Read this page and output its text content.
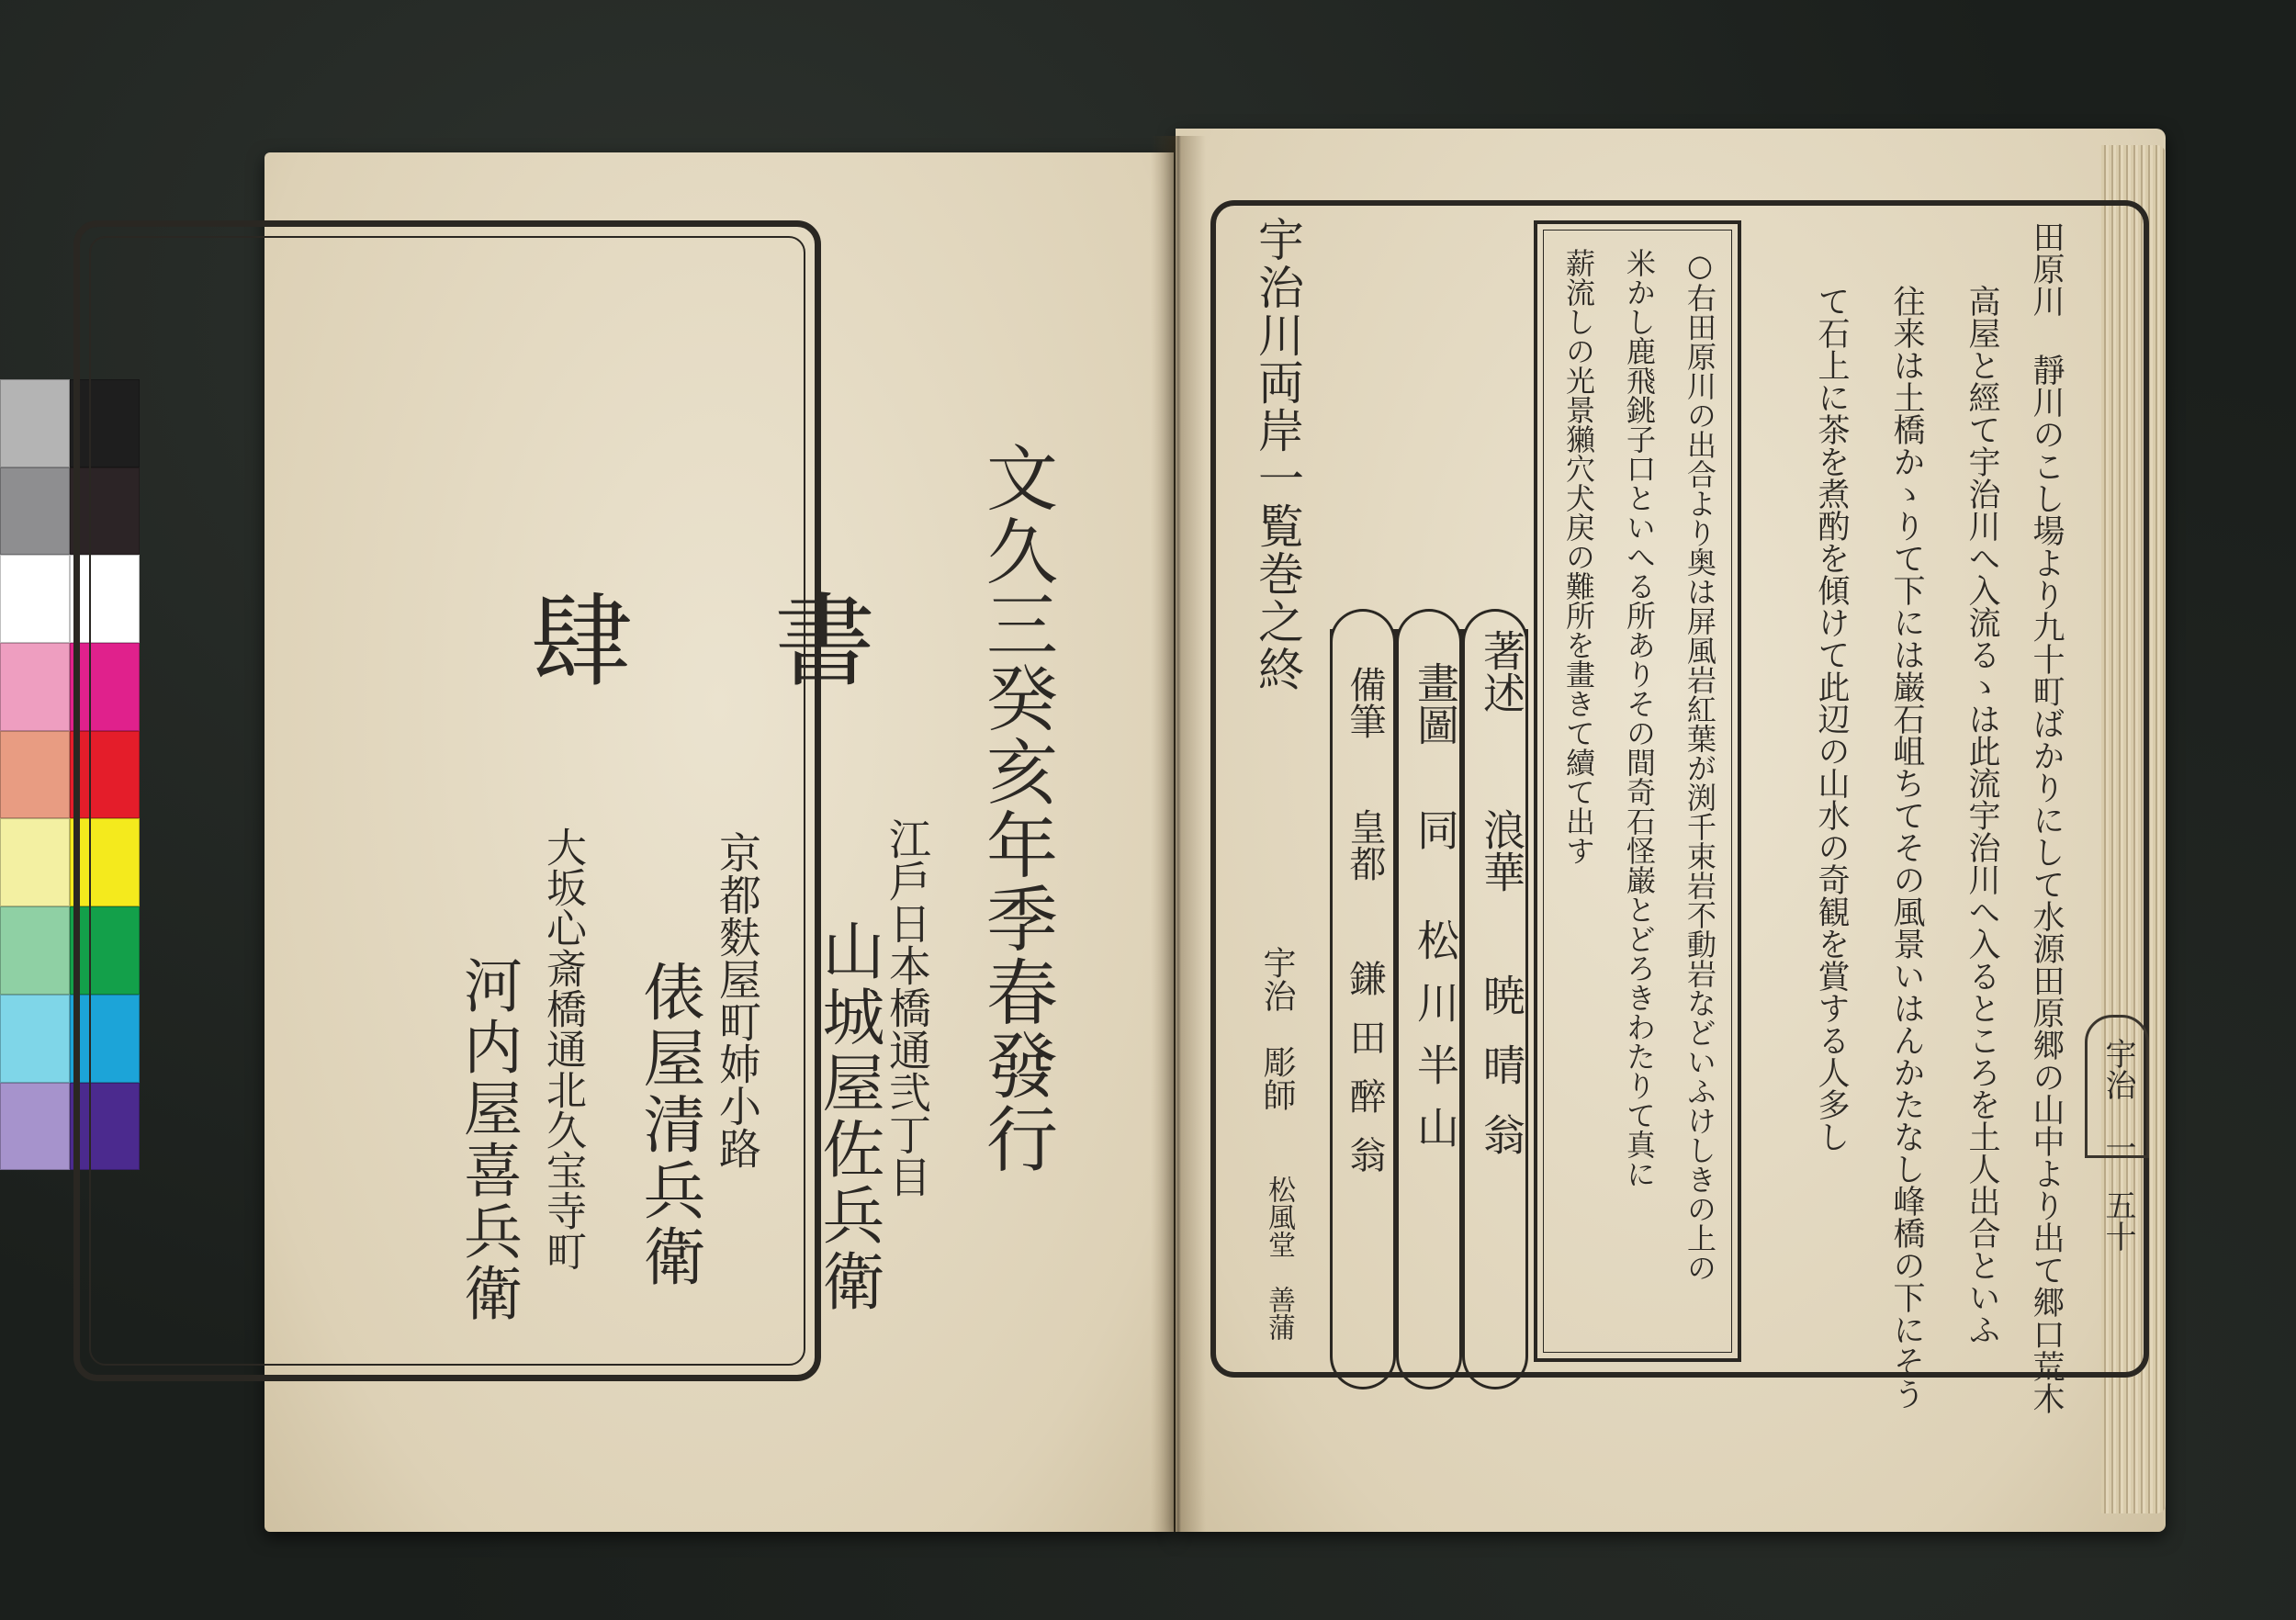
肆 書 文久三癸亥年季春發行
江戶日本橋通弐丁目
山城屋佐兵衛
京都麩屋町姉小路
俵屋清兵衛
大坂心斎橋通北久宝寺町
河内屋喜兵衛
宇治川両岸一覧巻之終	田原川 靜川のこし場より九十町ばかりにして水源田原郷の山中より出て郷口荒木
高屋と經て宇治川へ入流るゝは此流宇治川へ入るところを土人出合といふ
往来は土橋かゝりて下には巌石岨ちてその風景いはんかたなし峰橋の下にそう
て石上に茶を煮酌を傾けて此辺の山水の奇観を賞する人多し
○右田原川の出合より奥は屏風岩紅葉が渕千束岩不動岩などいふけしきの上の
米かし鹿飛銚子口といへる所ありその間奇石怪巌とどろきわたりて真に
薪流しの光景獺穴犬戻の難所を畫きて續て出す
著述
浪華
暁晴翁
畫圖
同
松川半山
備筆
皇都
鎌田醉翁
宇治　彫師
松風堂　善蒲
宇治　一
五十
